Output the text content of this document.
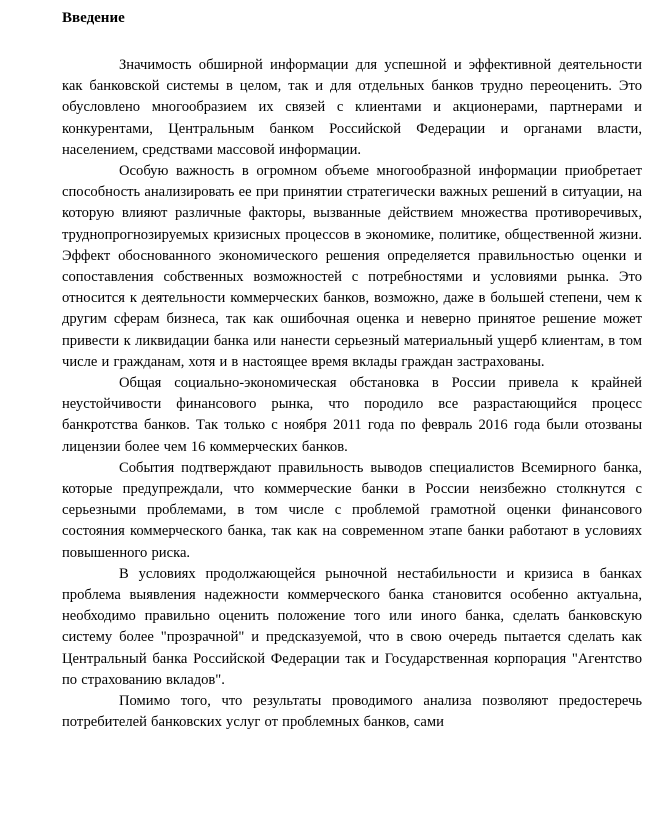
Введение

Значимость обширной информации для успешной и эффективной деятельности как банковской системы в целом, так и для отдельных банков трудно переоценить. Это обусловлено многообразием их связей с клиентами и акционерами, партнерами и конкурентами, Центральным банком Российской Федерации и органами власти, населением, средствами массовой информации.

Особую важность в огромном объеме многообразной информации приобретает способность анализировать ее при принятии стратегически важных решений в ситуации, на которую влияют различные факторы, вызванные действием множества противоречивых, труднопрогнозируемых кризисных процессов в экономике, политике, общественной жизни. Эффект обоснованного экономического решения определяется правильностью оценки и сопоставления собственных возможностей с потребностями и условиями рынка. Это относится к деятельности коммерческих банков, возможно, даже в большей степени, чем к другим сферам бизнеса, так как ошибочная оценка и неверно принятое решение может привести к ликвидации банка или нанести серьезный материальный ущерб клиентам, в том числе и гражданам, хотя и в настоящее время вклады граждан застрахованы.

Общая социально-экономическая обстановка в России привела к крайней неустойчивости финансового рынка, что породило все разрастающийся процесс банкротства банков. Так только с ноября 2011 года по февраль 2016 года были отозваны лицензии более чем 16 коммерческих банков.

События подтверждают правильность выводов специалистов Всемирного банка, которые предупреждали, что коммерческие банки в России неизбежно столкнутся с серьезными проблемами, в том числе с проблемой грамотной оценки финансового состояния коммерческого банка, так как на современном этапе банки работают в условиях повышенного риска.

В условиях продолжающейся рыночной нестабильности и кризиса в банках проблема выявления надежности коммерческого банка становится особенно актуальна, необходимо правильно оценить положение того или иного банка, сделать банковскую систему более "прозрачной" и предсказуемой, что в свою очередь пытается сделать как Центральный банка Российской Федерации так и Государственная корпорация "Агентство по страхованию вкладов".

Помимо того, что результаты проводимого анализа позволяют предостеречь потребителей банковских услуг от проблемных банков, сами
